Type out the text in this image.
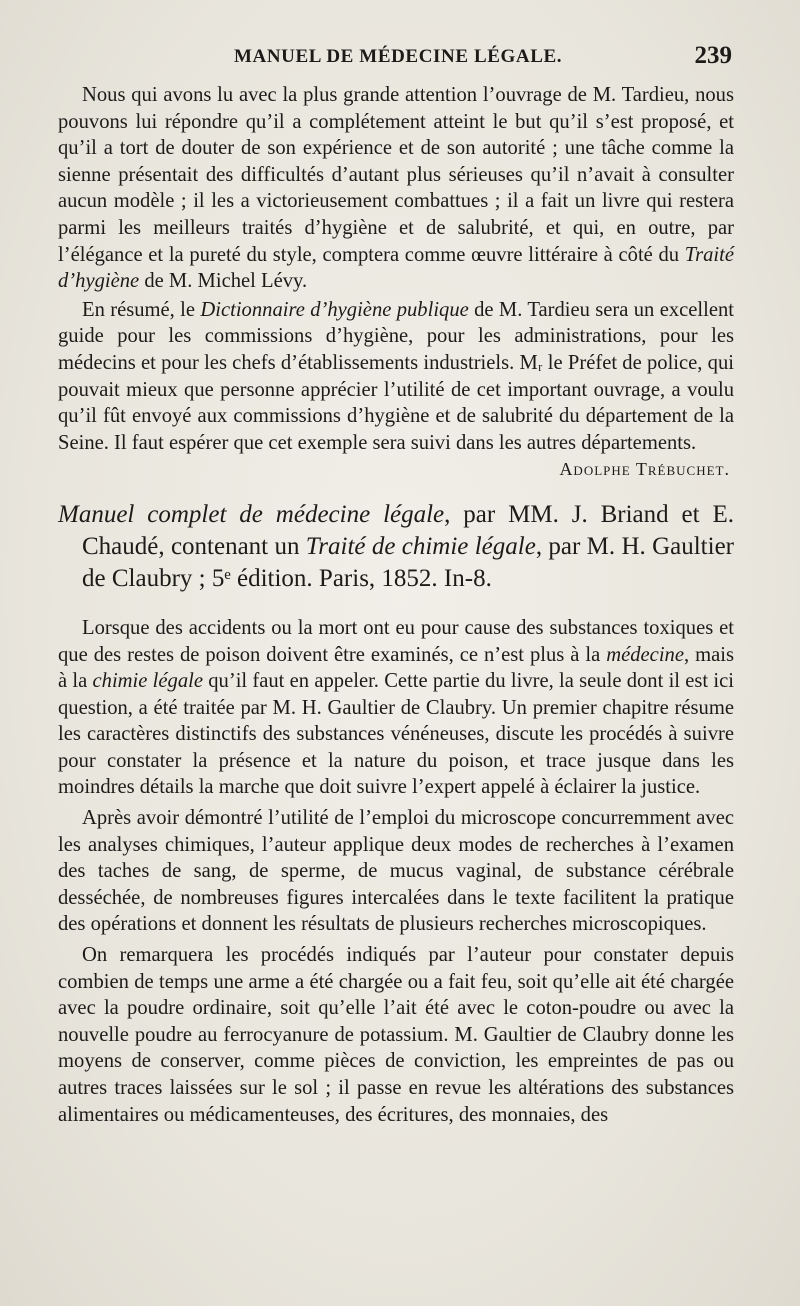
MANUEL DE MÉDECINE LÉGALE.	239

Nous qui avons lu avec la plus grande attention l’ouvrage de M. Tardieu, nous pouvons lui répondre qu’il a complétement atteint le but qu’il s’est proposé, et qu’il a tort de douter de son expérience et de son autorité ; une tâche comme la sienne présentait des difficultés d’autant plus sérieuses qu’il n’avait à consulter aucun modèle ; il les a victorieusement combattues ; il a fait un livre qui restera parmi les meilleurs traités d’hygiène et de salubrité, et qui, en outre, par l’élégance et la pureté du style, comptera comme œuvre littéraire à côté du Traité d’hygiène de M. Michel Lévy.

En résumé, le Dictionnaire d’hygiène publique de M. Tardieu sera un excellent guide pour les commissions d’hygiène, pour les administrations, pour les médecins et pour les chefs d’établissements industriels. Mᵣ le Préfet de police, qui pouvait mieux que personne apprécier l’utilité de cet important ouvrage, a voulu qu’il fût envoyé aux commissions d’hygiène et de salubrité du département de la Seine. Il faut espérer que cet exemple sera suivi dans les autres départements.
Adolphe Trébuchet.

Manuel complet de médecine légale, par MM. J. Briand et E. Chaudé, contenant un Traité de chimie légale, par M. H. Gaultier de Claubry ; 5ᵉ édition. Paris, 1852. In-8.

Lorsque des accidents ou la mort ont eu pour cause des substances toxiques et que des restes de poison doivent être examinés, ce n’est plus à la médecine, mais à la chimie légale qu’il faut en appeler. Cette partie du livre, la seule dont il est ici question, a été traitée par M. H. Gaultier de Claubry. Un premier chapitre résume les caractères distinctifs des substances vénéneuses, discute les procédés à suivre pour constater la présence et la nature du poison, et trace jusque dans les moindres détails la marche que doit suivre l’expert appelé à éclairer la justice.

Après avoir démontré l’utilité de l’emploi du microscope concurremment avec les analyses chimiques, l’auteur applique deux modes de recherches à l’examen des taches de sang, de sperme, de mucus vaginal, de substance cérébrale desséchée, de nombreuses figures intercalées dans le texte facilitent la pratique des opérations et donnent les résultats de plusieurs recherches microscopiques.

On remarquera les procédés indiqués par l’auteur pour constater depuis combien de temps une arme a été chargée ou a fait feu, soit qu’elle ait été chargée avec la poudre ordinaire, soit qu’elle l’ait été avec le coton-poudre ou avec la nouvelle poudre au ferrocyanure de potassium. M. Gaultier de Claubry donne les moyens de conserver, comme pièces de conviction, les empreintes de pas ou autres traces laissées sur le sol ; il passe en revue les altérations des substances alimentaires ou médicamenteuses, des écritures, des monnaies, des
